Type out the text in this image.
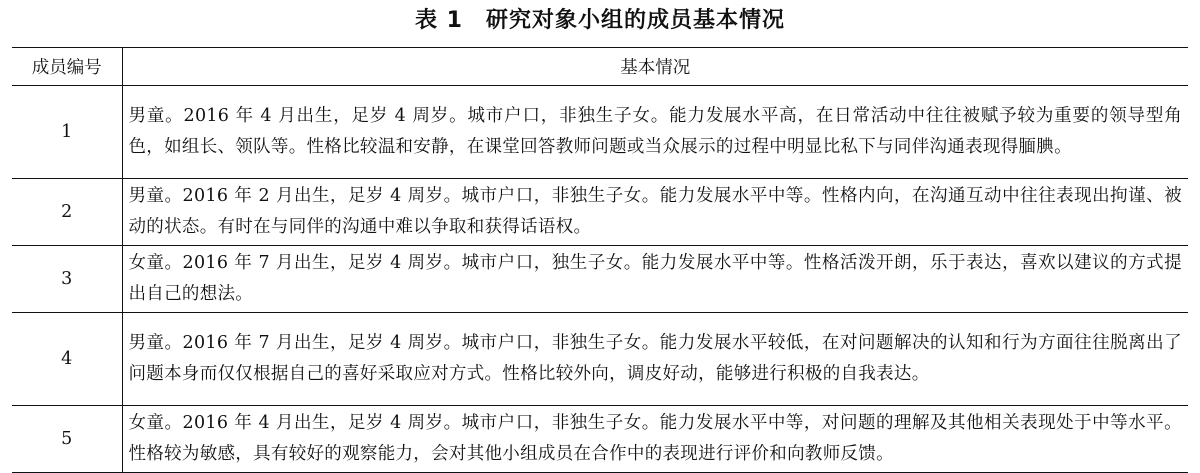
表 1　研究对象小组的成员基本情况
成员编号	基本情况
1	男童。2016 年 4 月出生，足岁 4 周岁。城市户口，非独生子女。能力发展水平高，在日常活动中往往被赋予较为重要的领导型角色，如组长、领队等。性格比较温和安静，在课堂回答教师问题或当众展示的过程中明显比私下与同伴沟通表现得腼腆。
2	男童。2016 年 2 月出生，足岁 4 周岁。城市户口，非独生子女。能力发展水平中等。性格内向，在沟通互动中往往表现出拘谨、被动的状态。有时在与同伴的沟通中难以争取和获得话语权。
3	女童。2016 年 7 月出生，足岁 4 周岁。城市户口，独生子女。能力发展水平中等。性格活泼开朗，乐于表达，喜欢以建议的方式提出自己的想法。
4	男童。2016 年 7 月出生，足岁 4 周岁。城市户口，非独生子女。能力发展水平较低，在对问题解决的认知和行为方面往往脱离出了问题本身而仅仅根据自己的喜好采取应对方式。性格比较外向，调皮好动，能够进行积极的自我表达。
5	女童。2016 年 4 月出生，足岁 4 周岁。城市户口，非独生子女。能力发展水平中等，对问题的理解及其他相关表现处于中等水平。性格较为敏感，具有较好的观察能力，会对其他小组成员在合作中的表现进行评价和向教师反馈。
